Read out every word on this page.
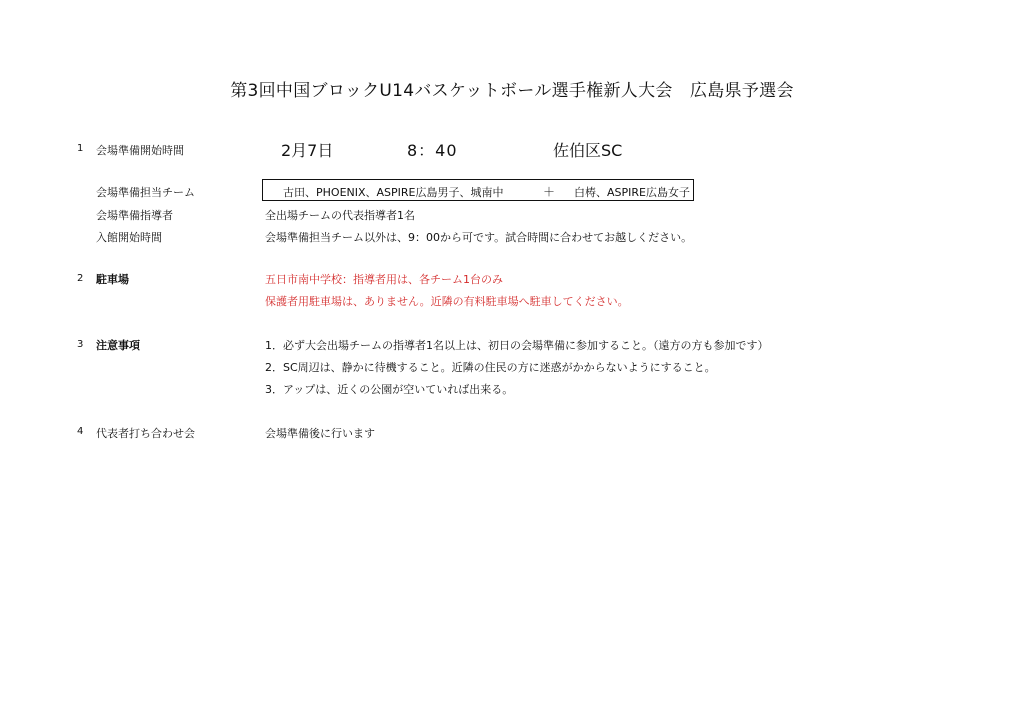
第3回中国ブロックU14バスケットボール選手権新人大会　広島県予選会
1 会場準備開始時間	2月7日	8：40	佐伯区SC
会場準備担当チーム	古田、PHOENIX、ASPIRE広島男子、城南中	＋ 白梼、ASPIRE広島女子
会場準備指導者	全出場チームの代表指導者1名
入館開始時間	会場準備担当チーム以外は、9：00から可です。試合時間に合わせてお越しください。
2 駐車場	五日市南中学校：指導者用は、各チーム1台のみ
保護者用駐車場は、ありません。近隣の有料駐車場へ駐車してください。
3 注意事項	1．必ず大会出場チームの指導者1名以上は、初日の会場準備に参加すること。（遠方の方も参加です）
2．SC周辺は、静かに待機すること。近隣の住民の方に迷惑がかからないようにすること。
3．アップは、近くの公園が空いていれば出来る。
4 代表者打ち合わせ会	会場準備後に行います
